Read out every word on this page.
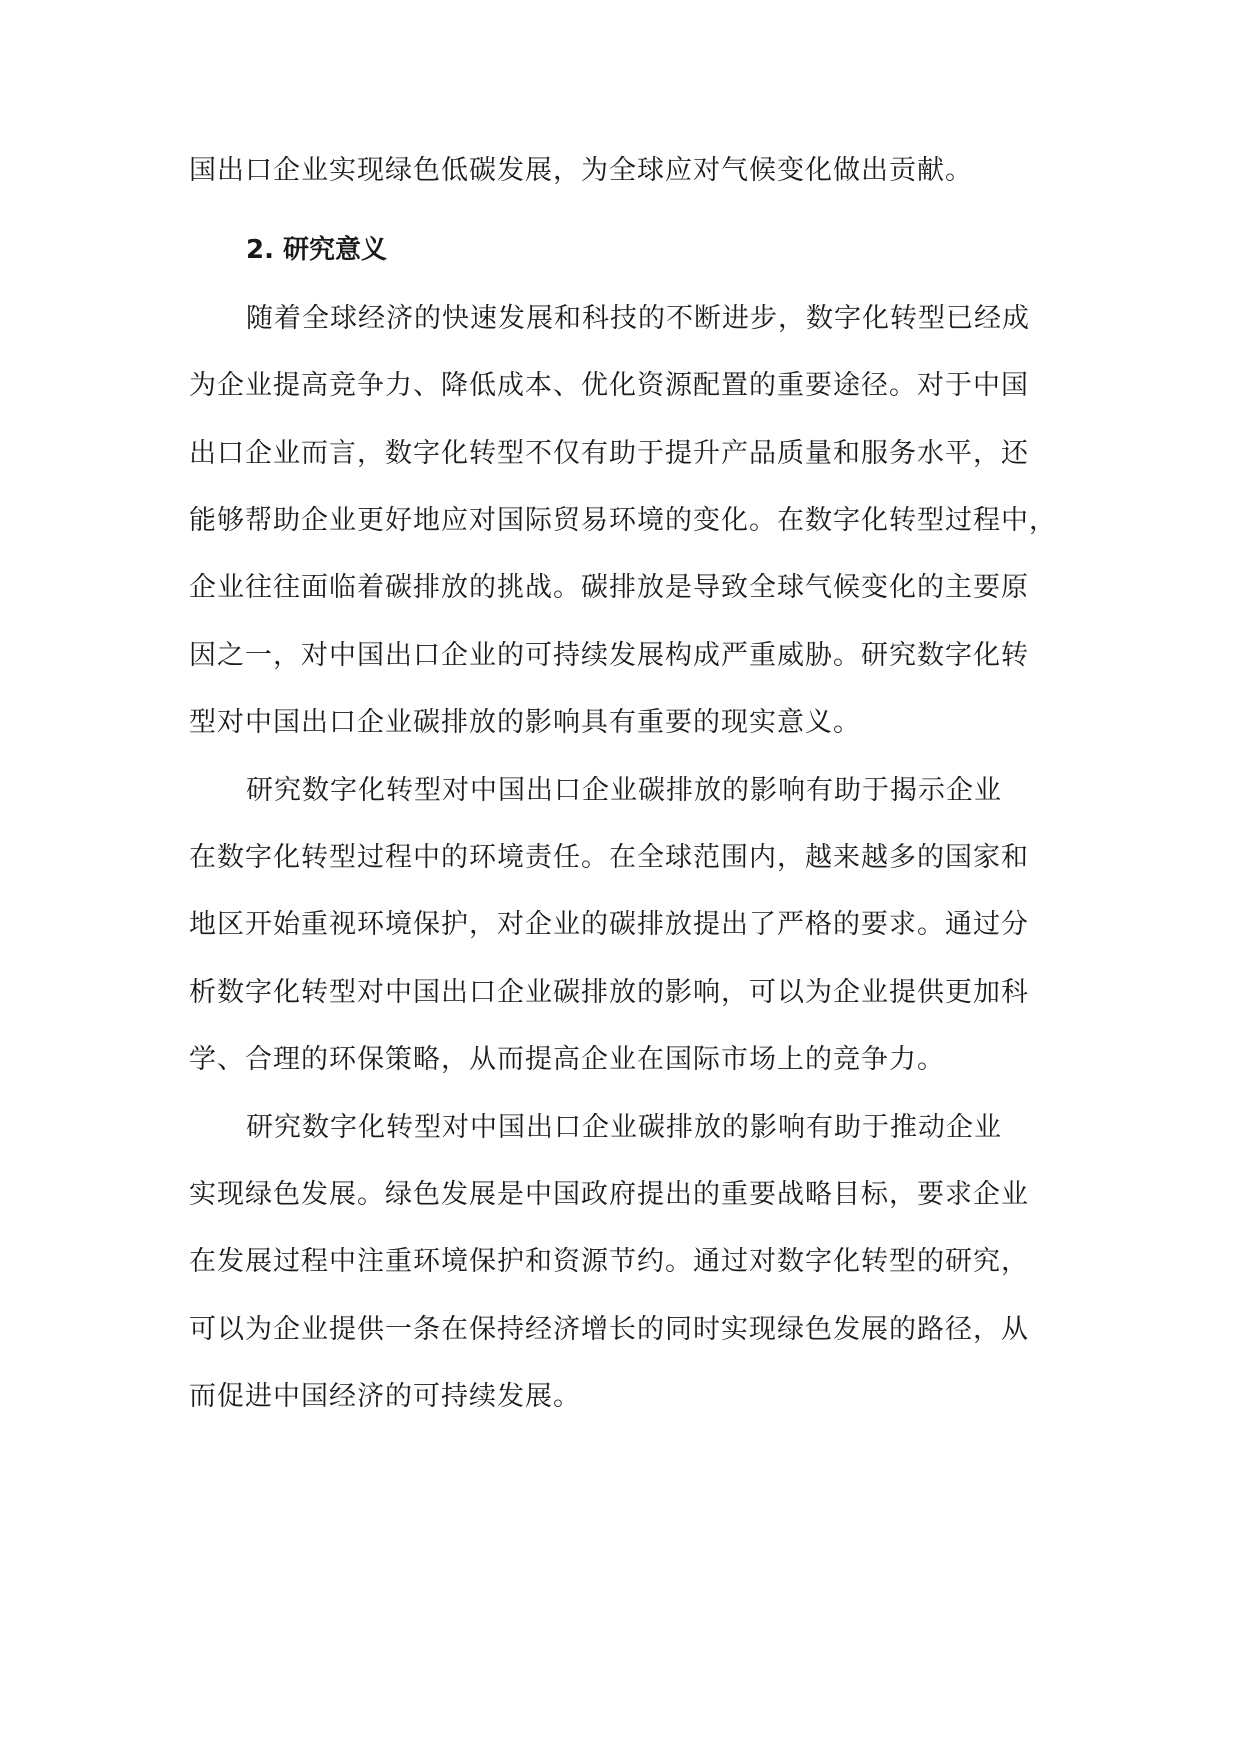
国出口企业实现绿色低碳发展，为全球应对气候变化做出贡献。
2. 研究意义
随着全球经济的快速发展和科技的不断进步，数字化转型已经成
为企业提高竞争力、降低成本、优化资源配置的重要途径。对于中国
出口企业而言，数字化转型不仅有助于提升产品质量和服务水平，还
能够帮助企业更好地应对国际贸易环境的变化。在数字化转型过程中，
企业往往面临着碳排放的挑战。碳排放是导致全球气候变化的主要原
因之一，对中国出口企业的可持续发展构成严重威胁。研究数字化转
型对中国出口企业碳排放的影响具有重要的现实意义。
研究数字化转型对中国出口企业碳排放的影响有助于揭示企业
在数字化转型过程中的环境责任。在全球范围内，越来越多的国家和
地区开始重视环境保护，对企业的碳排放提出了严格的要求。通过分
析数字化转型对中国出口企业碳排放的影响，可以为企业提供更加科
学、合理的环保策略，从而提高企业在国际市场上的竞争力。
研究数字化转型对中国出口企业碳排放的影响有助于推动企业
实现绿色发展。绿色发展是中国政府提出的重要战略目标，要求企业
在发展过程中注重环境保护和资源节约。通过对数字化转型的研究，
可以为企业提供一条在保持经济增长的同时实现绿色发展的路径，从
而促进中国经济的可持续发展。
